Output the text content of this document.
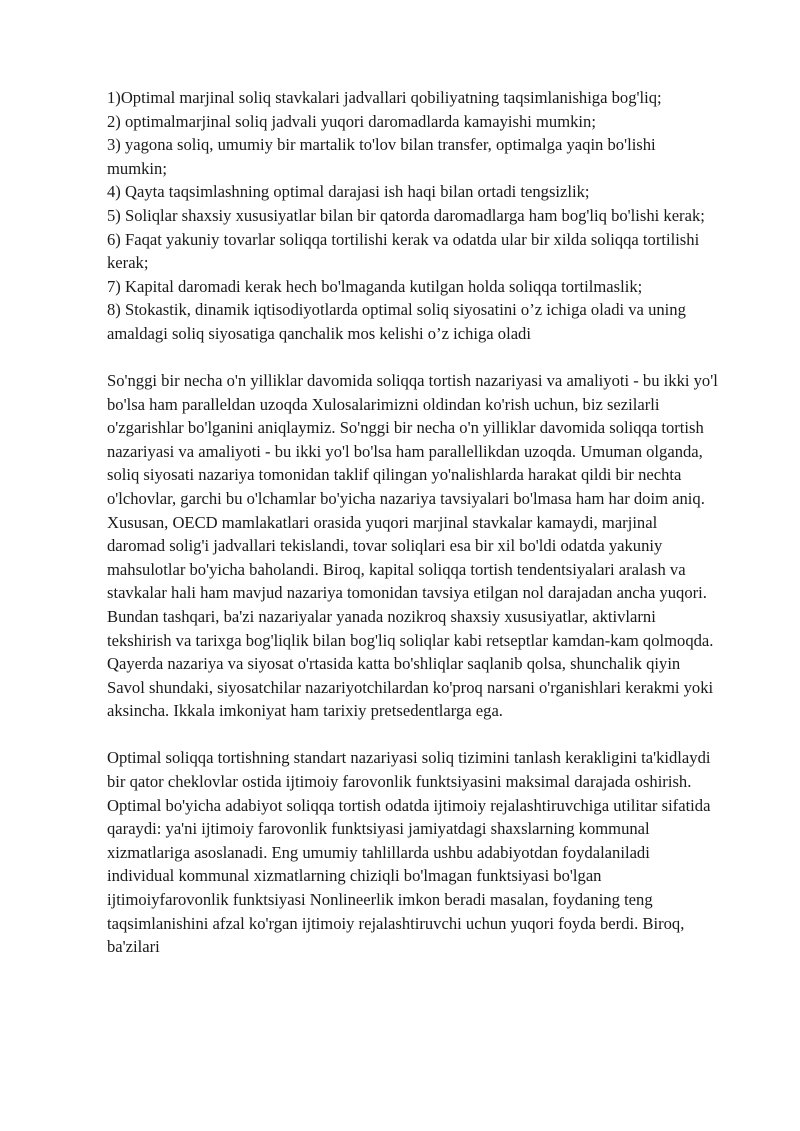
1)Optimal marjinal soliq stavkalari jadvallari qobiliyatning taqsimlanishiga bog'liq;
2) optimalmarjinal soliq jadvali yuqori daromadlarda kamayishi mumkin;
3) yagona soliq, umumiy bir martalik to'lov bilan transfer, optimalga yaqin bo'lishi mumkin;
4) Qayta taqsimlashning optimal darajasi ish haqi bilan ortadi tengsizlik;
5) Soliqlar shaxsiy xususiyatlar bilan bir qatorda daromadlarga ham bog'liq bo'lishi kerak;
6) Faqat yakuniy tovarlar soliqqa tortilishi kerak va odatda ular bir xilda soliqqa tortilishi kerak;
7) Kapital daromadi kerak hech bo'lmaganda kutilgan holda soliqqa tortilmaslik;
8) Stokastik, dinamik iqtisodiyotlarda optimal soliq siyosatini o’z ichiga oladi va uning amaldagi soliq siyosatiga qanchalik mos kelishi o’z ichiga oladi

So'nggi bir necha o'n yilliklar davomida soliqqa tortish nazariyasi va amaliyoti - bu ikki yo'l bo'lsa ham paralleldan uzoqda Xulosalarimizni oldindan ko'rish uchun, biz sezilarli o'zgarishlar bo'lganini aniqlaymiz. So'nggi bir necha o'n yilliklar davomida soliqqa tortish nazariyasi va amaliyoti - bu ikki yo'l bo'lsa ham parallellikdan uzoqda. Umuman olganda, soliq siyosati nazariya tomonidan taklif qilingan yo'nalishlarda harakat qildi bir nechta o'lchovlar, garchi bu o'lchamlar bo'yicha nazariya tavsiyalari bo'lmasa ham har doim aniq. Xususan, OECD mamlakatlari orasida yuqori marjinal stavkalar kamaydi, marjinal daromad solig'i jadvallari tekislandi, tovar soliqlari esa bir xil bo'ldi odatda yakuniy mahsulotlar bo'yicha baholandi. Biroq, kapital soliqqa tortish tendentsiyalari aralash va stavkalar hali ham mavjud nazariya tomonidan tavsiya etilgan nol darajadan ancha yuqori. Bundan tashqari, ba'zi nazariyalar yanada nozikroq shaxsiy xususiyatlar, aktivlarni tekshirish va tarixga bog'liqlik bilan bog'liq soliqlar kabi retseptlar kamdan-kam qolmoqda. Qayerda nazariya va siyosat o'rtasida katta bo'shliqlar saqlanib qolsa, shunchalik qiyin
Savol shundaki, siyosatchilar nazariyotchilardan ko'proq narsani o'rganishlari kerakmi yoki aksincha. Ikkala imkoniyat ham tarixiy pretsedentlarga ega.

Optimal soliqqa tortishning standart nazariyasi soliq tizimini tanlash kerakligini ta'kidlaydi bir qator cheklovlar ostida ijtimoiy farovonlik funktsiyasini maksimal darajada oshirish. Optimal bo'yicha adabiyot soliqqa tortish odatda ijtimoiy rejalashtiruvchiga utilitar sifatida qaraydi: ya'ni ijtimoiy farovonlik funktsiyasi jamiyatdagi shaxslarning kommunal xizmatlariga asoslanadi. Eng umumiy tahlillarda ushbu adabiyotdan foydalaniladi individual kommunal xizmatlarning chiziqli bo'lmagan funktsiyasi bo'lgan ijtimoiyfarovonlik funktsiyasi Nonlineerlik imkon beradi masalan, foydaning teng taqsimlanishini afzal ko'rgan ijtimoiy rejalashtiruvchi uchun yuqori foyda berdi. Biroq, ba'zilari
